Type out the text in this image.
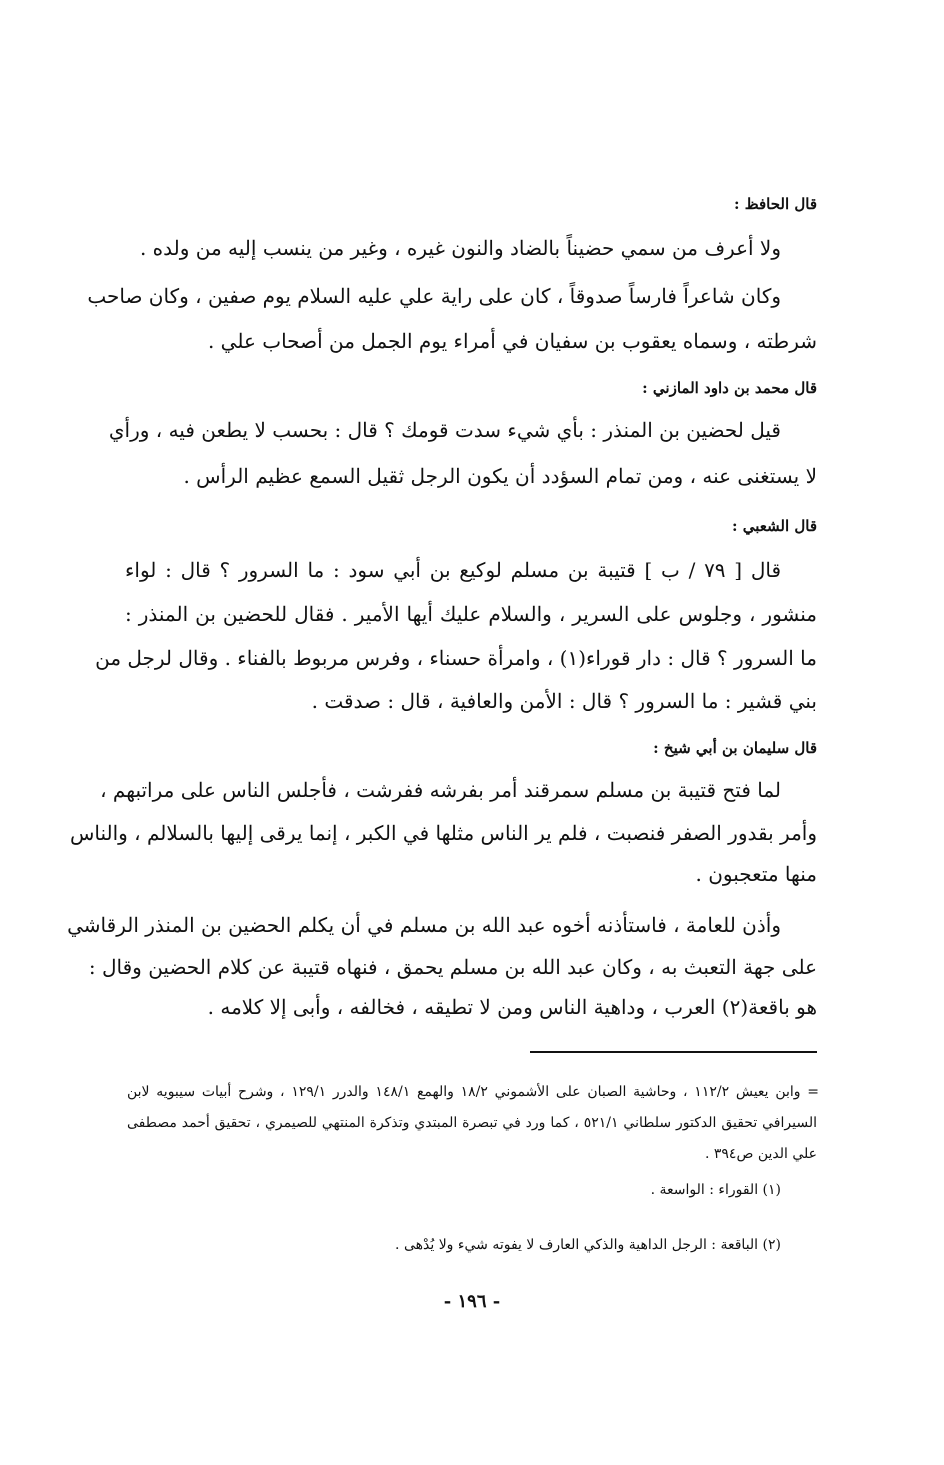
قال الحافظ :
ولا أعرف من سمي حضيناً بالضاد والنون غيره ، وغير من ينسب إليه من ولده .
وكان شاعراً فارساً صدوقاً ، كان على راية علي عليه السلام يوم صفين ، وكان صاحب
شرطته ، وسماه يعقوب بن سفيان في أمراء يوم الجمل من أصحاب علي .
قال محمد بن داود المازني :
قيل لحضين بن المنذر : بأي شيء سدت قومك ؟ قال : بحسب لا يطعن فيه ، ورأي
لا يستغنى عنه ، ومن تمام السؤدد أن يكون الرجل ثقيل السمع عظيم الرأس .
قال الشعبي :
قال [ ٧٩ / ب ] قتيبة بن مسلم لوكيع بن أبي سود : ما السرور ؟ قال : لواء
منشور ، وجلوس على السرير ، والسلام عليك أيها الأمير . فقال للحضين بن المنذر :
ما السرور ؟ قال : دار قوراء(١) ، وامرأة حسناء ، وفرس مربوط بالفناء . وقال لرجل من
بني قشير : ما السرور ؟ قال : الأمن والعافية ، قال : صدقت .
قال سليمان بن أبي شيخ :
لما فتح قتيبة بن مسلم سمرقند أمر بفرشه ففرشت ، فأجلس الناس على مراتبهم ،
وأمر بقدور الصفر فنصبت ، فلم ير الناس مثلها في الكبر ، إنما يرقى إليها بالسلالم ، والناس
منها متعجبون .
وأذن للعامة ، فاستأذنه أخوه عبد الله بن مسلم في أن يكلم الحضين بن المنذر الرقاشي
على جهة التعبث به ، وكان عبد الله بن مسلم يحمق ، فنهاه قتيبة عن كلام الحضين وقال :
هو باقعة(٢) العرب ، وداهية الناس ومن لا تطيقه ، فخالفه ، وأبى إلا كلامه .
= وابن يعيش ١١٢/٢ ، وحاشية الصبان على الأشموني ١٨/٢ والهمع ١٤٨/١ والدرر ١٢٩/١ ، وشرح أبيات سيبويه لابن
السيرافي تحقيق الدكتور سلطاني ٥٢١/١ ، كما ورد في تبصرة المبتدي وتذكرة المنتهي للصيمري ، تحقيق أحمد مصطفى
علي الدين ص٣٩٤ .
(١) القوراء : الواسعة .
(٢) الباقعة : الرجل الداهية والذكي العارف لا يفوته شيء ولا يُدْهى .
- ١٩٦ -
